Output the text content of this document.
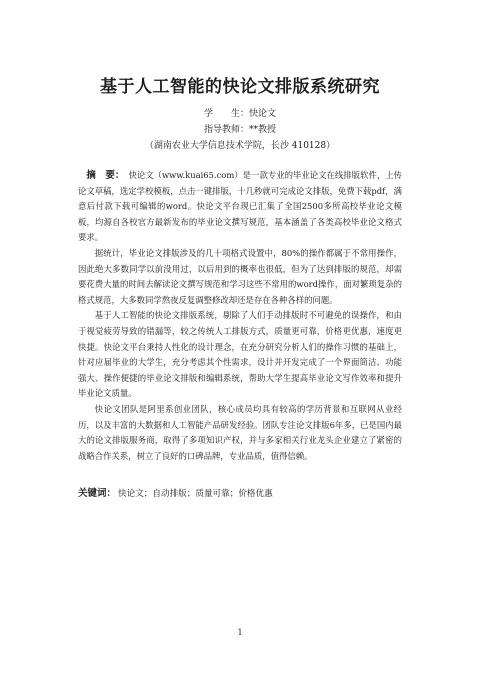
基于人工智能的快论文排版系统研究
学　　生：快论文
指导教师：**教授
（湖南农业大学信息技术学院，长沙 410128）

摘　要： 快论文（www.kuai65.com）是一款专业的毕业论文在线排版软件，上传论文草稿，选定学校模板，点击一键排版，十几秒就可完成论文排版，免费下载pdf，满意后付款下载可编辑的word。快论文平台现已汇集了全国2500多所高校毕业论文模板，均源自各校官方最新发布的毕业论文撰写规范，基本涵盖了各类高校毕业论文格式要求。

据统计，毕业论文排版涉及的几十项格式设置中，80%的操作都属于不常用操作，因此绝大多数同学以前没用过，以后用到的概率也很低，但为了达到排版的规范，却需要花费大量的时间去解读论文撰写规范和学习这些不常用的word操作，面对繁琐复杂的格式规范，大多数同学熬夜反复调整修改却还是存在各种各样的问题。

基于人工智能的快论文排版系统，剔除了人们手动排版时不可避免的误操作，和由于视觉疲劳导致的错漏等，较之传统人工排版方式，质量更可靠，价格更优惠，速度更快捷。快论文平台秉持人性化的设计理念，在充分研究分析人们的操作习惯的基础上，针对应届毕业的大学生，充分考虑其个性需求，设计并开发完成了一个界面简洁、功能强大、操作便捷的毕业论文排版和编辑系统，帮助大学生提高毕业论文写作效率和提升毕业论文质量。

快论文团队是阿里系创业团队，核心成员均具有较高的学历背景和互联网从业经历，以及丰富的大数据和人工智能产品研发经验。团队专注论文排版6年多，已是国内最大的论文排版服务商，取得了多项知识产权，并与多家相关行业龙头企业建立了紧密的战略合作关系，树立了良好的口碑品牌，专业品质，值得信赖。

关键词： 快论文；自动排版；质量可靠；价格优惠
1
